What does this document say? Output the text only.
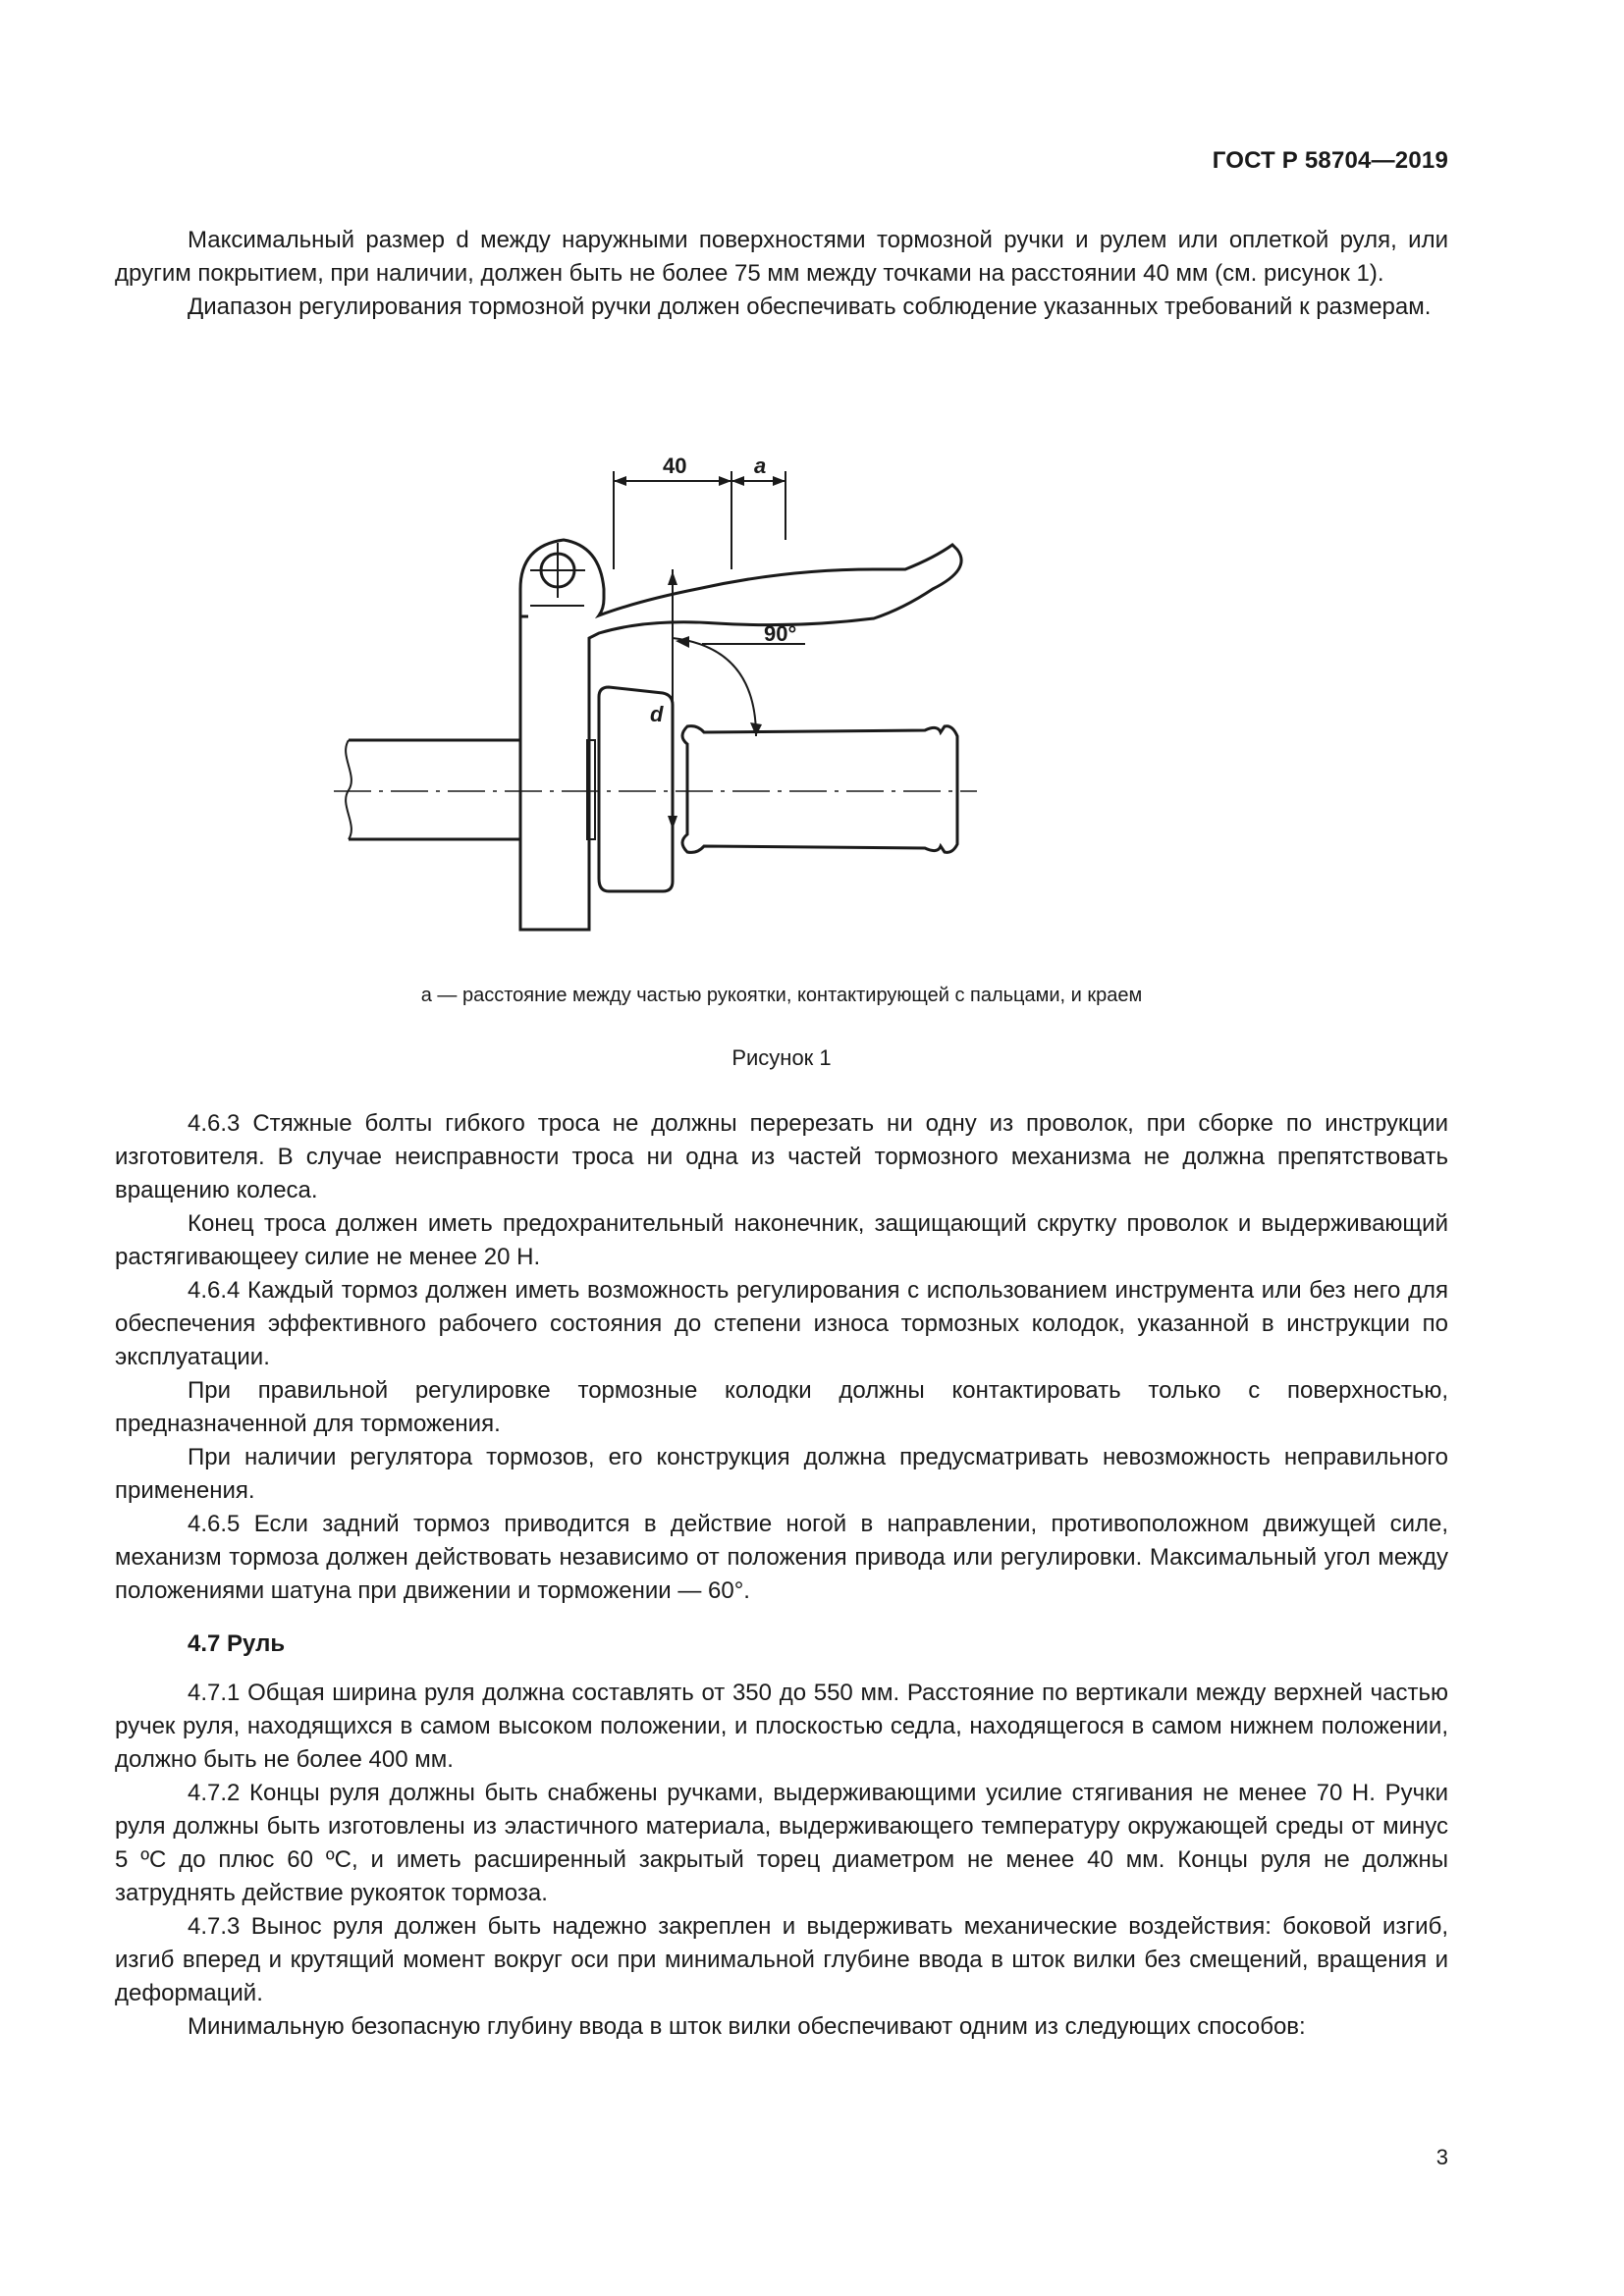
ГОСТ Р 58704—2019

Максимальный размер d между наружными поверхностями тормозной ручки и рулем или оплеткой руля, или другим покрытием, при наличии, должен быть не более 75 мм между точками на расстоянии 40 мм (см. рисунок 1).

Диапазон регулирования тормозной ручки должен обеспечивать соблюдение указанных требований к размерам.

40	a
d
90°
a — расстояние между частью рукоятки, контактирующей с пальцами, и краем
Рисунок 1

4.6.3 Стяжные болты гибкого троса не должны перерезать ни одну из проволок, при сборке по инструкции изготовителя. В случае неисправности троса ни одна из частей тормозного механизма не должна препятствовать вращению колеса.

Конец троса должен иметь предохранительный наконечник, защищающий скрутку проволок и выдерживающий растягивающееу силие не менее 20 Н.

4.6.4 Каждый тормоз должен иметь возможность регулирования с использованием инструмента или без него для обеспечения эффективного рабочего состояния до степени износа тормозных колодок, указанной в инструкции по эксплуатации.

При правильной регулировке тормозные колодки должны контактировать только с поверхностью, предназначенной для торможения.

При наличии регулятора тормозов, его конструкция должна предусматривать невозможность неправильного применения.

4.6.5 Если задний тормоз приводится в действие ногой в направлении, противоположном движущей силе, механизм тормоза должен действовать независимо от положения привода или регулировки. Максимальный угол между положениями шатуна при движении и торможении — 60°.

4.7 Руль

4.7.1 Общая ширина руля должна составлять от 350 до 550 мм. Расстояние по вертикали между верхней частью ручек руля, находящихся в самом высоком положении, и плоскостью седла, находящегося в самом нижнем положении, должно быть не более 400 мм.

4.7.2 Концы руля должны быть снабжены ручками, выдерживающими усилие стягивания не менее 70 Н. Ручки руля должны быть изготовлены из эластичного материала, выдерживающего температуру окружающей среды от минус 5 ºС до плюс 60 ºС, и иметь расширенный закрытый торец диаметром не менее 40 мм. Концы руля не должны затруднять действие рукояток тормоза.

4.7.3 Вынос руля должен быть надежно закреплен и выдерживать механические воздействия: боковой изгиб, изгиб вперед и крутящий момент вокруг оси при минимальной глубине ввода в шток вилки без смещений, вращения и деформаций.

Минимальную безопасную глубину ввода в шток вилки обеспечивают одним из следующих способов:

3
